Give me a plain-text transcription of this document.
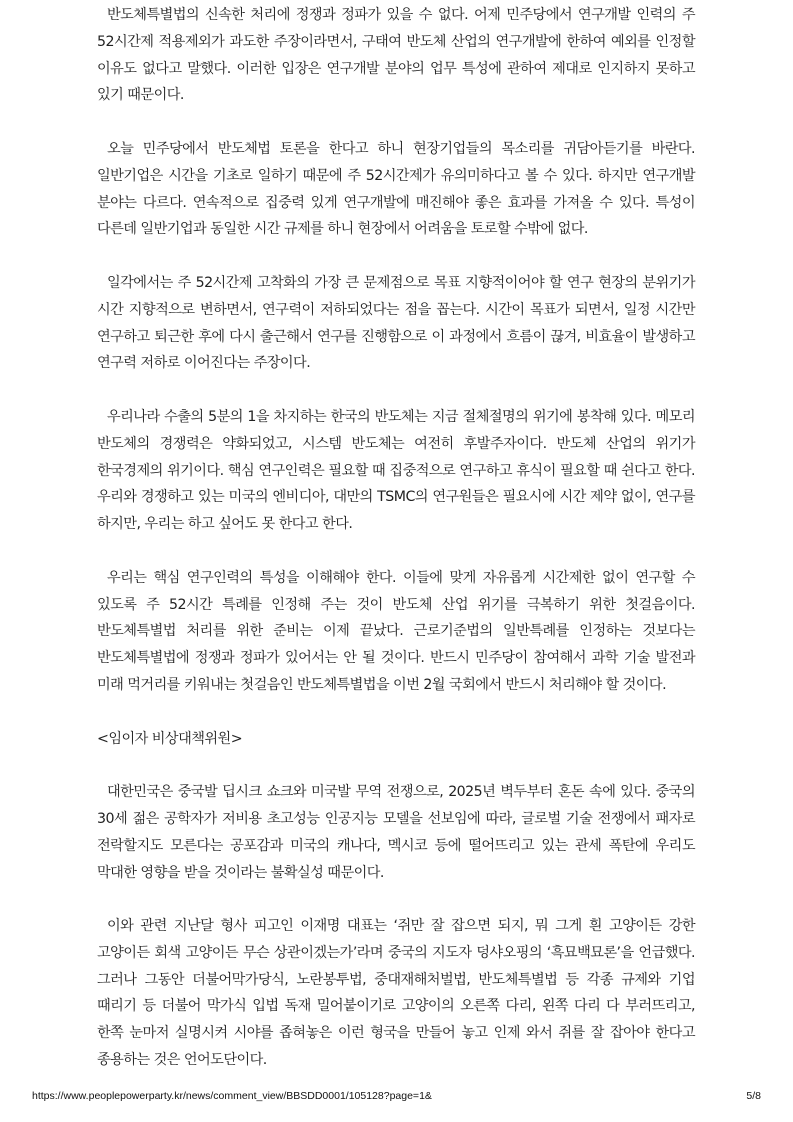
반도체특별법의 신속한 처리에 정쟁과 정파가 있을 수 없다. 어제 민주당에서 연구개발 인력의 주 52시간제 적용제외가 과도한 주장이라면서, 구태여 반도체 산업의 연구개발에 한하여 예외를 인정할 이유도 없다고 말했다. 이러한 입장은 연구개발 분야의 업무 특성에 관하여 제대로 인지하지 못하고 있기 때문이다.

오늘 민주당에서 반도체법 토론을 한다고 하니 현장기업들의 목소리를 귀담아듣기를 바란다. 일반기업은 시간을 기초로 일하기 때문에 주 52시간제가 유의미하다고 볼 수 있다. 하지만 연구개발 분야는 다르다. 연속적으로 집중력 있게 연구개발에 매진해야 좋은 효과를 가져올 수 있다. 특성이 다른데 일반기업과 동일한 시간 규제를 하니 현장에서 어려움을 토로할 수밖에 없다.

일각에서는 주 52시간제 고착화의 가장 큰 문제점으로 목표 지향적이어야 할 연구 현장의 분위기가 시간 지향적으로 변하면서, 연구력이 저하되었다는 점을 꼽는다. 시간이 목표가 되면서, 일정 시간만 연구하고 퇴근한 후에 다시 출근해서 연구를 진행함으로 이 과정에서 흐름이 끊겨, 비효율이 발생하고 연구력 저하로 이어진다는 주장이다.

우리나라 수출의 5분의 1을 차지하는 한국의 반도체는 지금 절체절명의 위기에 봉착해 있다. 메모리 반도체의 경쟁력은 약화되었고, 시스템 반도체는 여전히 후발주자이다. 반도체 산업의 위기가 한국경제의 위기이다. 핵심 연구인력은 필요할 때 집중적으로 연구하고 휴식이 필요할 때 쉰다고 한다. 우리와 경쟁하고 있는 미국의 엔비디아, 대만의 TSMC의 연구원들은 필요시에 시간 제약 없이, 연구를 하지만, 우리는 하고 싶어도 못 한다고 한다.

우리는 핵심 연구인력의 특성을 이해해야 한다. 이들에 맞게 자유롭게 시간제한 없이 연구할 수 있도록 주 52시간 특례를 인정해 주는 것이 반도체 산업 위기를 극복하기 위한 첫걸음이다. 반도체특별법 처리를 위한 준비는 이제 끝났다. 근로기준법의 일반특례를 인정하는 것보다는 반도체특별법에 정쟁과 정파가 있어서는 안 될 것이다. 반드시 민주당이 참여해서 과학 기술 발전과 미래 먹거리를 키워내는 첫걸음인 반도체특별법을 이번 2월 국회에서 반드시 처리해야 할 것이다.

<임이자 비상대책위원>

대한민국은 중국발 딥시크 쇼크와 미국발 무역 전쟁으로, 2025년 벽두부터 혼돈 속에 있다. 중국의 30세 젊은 공학자가 저비용 초고성능 인공지능 모델을 선보임에 따라, 글로벌 기술 전쟁에서 패자로 전락할지도 모른다는 공포감과 미국의 캐나다, 멕시코 등에 떨어뜨리고 있는 관세 폭탄에 우리도 막대한 영향을 받을 것이라는 불확실성 때문이다.

이와 관련 지난달 형사 피고인 이재명 대표는 ‘쥐만 잘 잡으면 되지, 뭐 그게 흰 고양이든 강한 고양이든 회색 고양이든 무슨 상관이겠는가’라며 중국의 지도자 덩샤오핑의 ‘흑묘백묘론’을 언급했다. 그러나 그동안 더불어막가당식, 노란봉투법, 중대재해처벌법, 반도체특별법 등 각종 규제와 기업 때리기 등 더불어 막가식 입법 독재 밀어붙이기로 고양이의 오른쪽 다리, 왼쪽 다리 다 부러뜨리고, 한쪽 눈마저 실명시켜 시야를 좁혀놓은 이런 형국을 만들어 놓고 인제 와서 쥐를 잘 잡아야 한다고 종용하는 것은 언어도단이다.

https://www.peoplepowerparty.kr/news/comment_view/BBSDD0001/105128?page=1&	5/8
